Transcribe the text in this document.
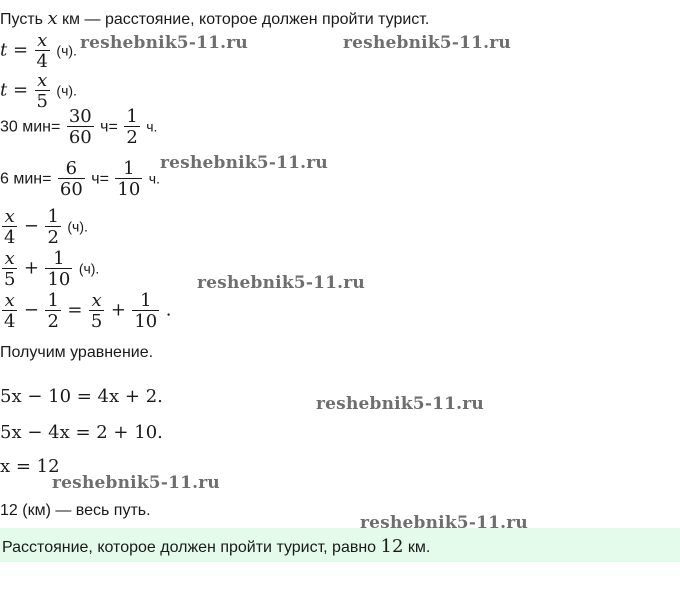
Пусть x км — расстояние, которое должен пройти турист.
$t = \frac{x}{4} (ч)$.
$t = \frac{x}{5} (ч)$.
30 $мин= \frac{30}{60} ч= \frac{1}{2} ч$.
6 $мин= \frac{6}{60} ч= \frac{1}{10} ч$.
$\frac{x}{4} - \frac{1}{2} (ч)$.
$\frac{x}{5} + \frac{1}{10} (ч)$.
$\frac{x}{4} - \frac{1}{2} = \frac{x}{5} + \frac{1}{10}$ .
Получим уравнение.
5x − 10 = 4x + 2.
5x − 4x = 2 + 10.
x = 12
12 (км) — весь путь.
Расстояние, которое должен пройти турист, равно 12 км.
reshebnik5-11.ru	reshebnik5-11.ru
reshebnik5-11.ru
reshebnik5-11.ru
reshebnik5-11.ru
reshebnik5-11.ru
reshebnik5-11.ru
